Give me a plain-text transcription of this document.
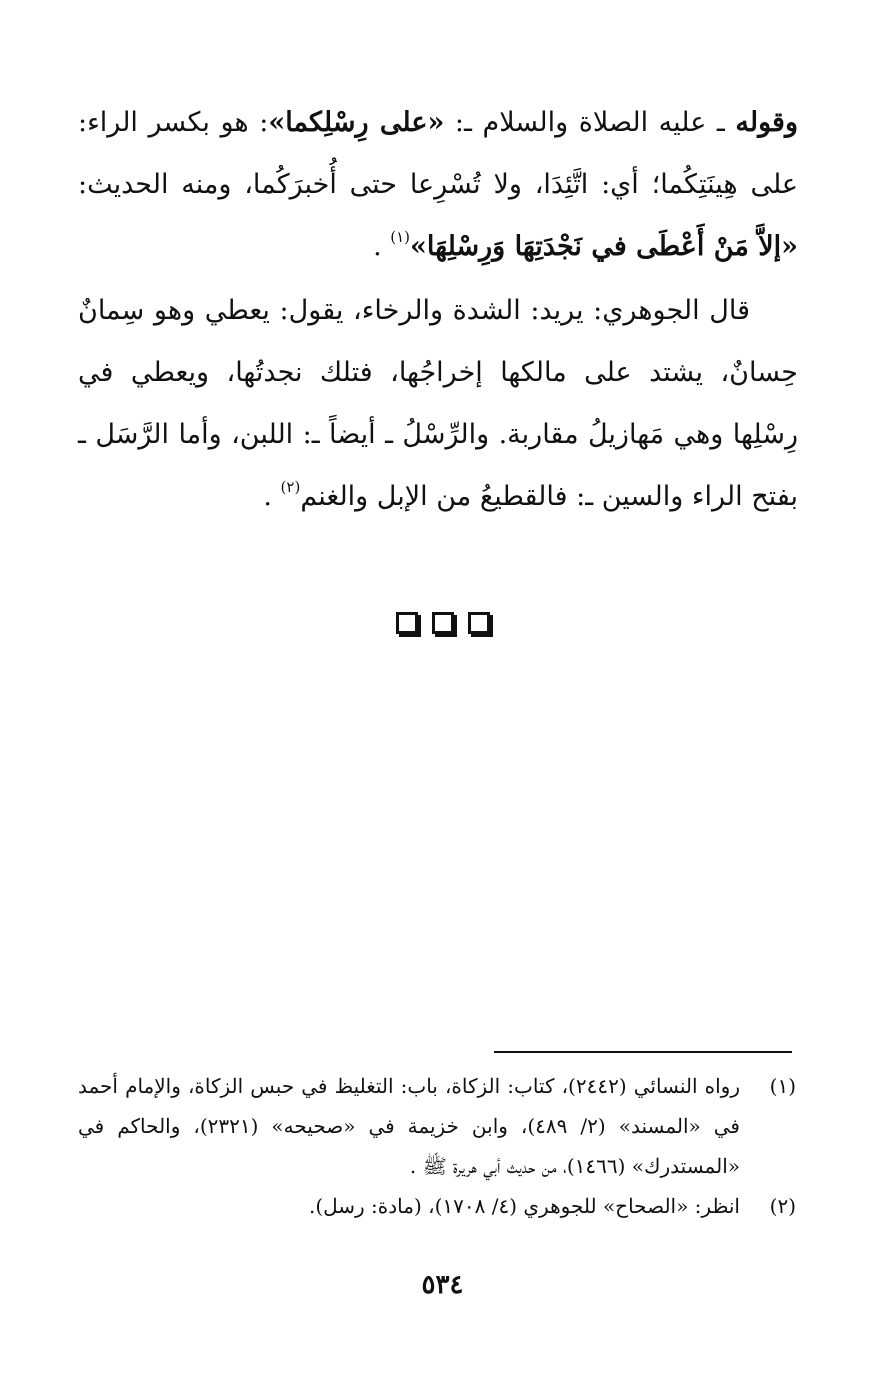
وقوله ـ عليه الصلاة والسلام ـ: «على رِسْلِكما»: هو بكسر الراء: على هِينَتِكُما؛ أي: اتَّئِدَا، ولا تُسْرِعا حتى أُخبرَكُما، ومنه الحديث: «إلاَّ مَنْ أَعْطَى في نَجْدَتِهَا وَرِسْلِهَا»$^{(١)}$ .

قال الجوهري: يريد: الشدة والرخاء، يقول: يعطي وهو سِمانٌ حِسانٌ، يشتد على مالكها إخراجُها، فتلك نجدتُها، ويعطي في رِسْلِها وهي مَهازيلُ مقاربة. والرِّسْلُ ـ أيضاً ـ: اللبن، وأما الرَّسَل ـ بفتح الراء والسين ـ: فالقطيعُ من الإبل والغنم$^{(٢)}$ .

(١)
رواه النسائي (٢٤٤٢)، كتاب: الزكاة، باب: التغليظ في حبس الزكاة، والإمام أحمد في «المسند» (٢/ ٤٨٩)، وابن خزيمة في «صحيحه» (٢٣٢١)، والحاكم في «المستدرك» (١٤٦٦)، من حديث أبي هريرة ﷺ .
(٢)
انظر: «الصحاح» للجوهري (٤/ ١٧٠٨)، (مادة: رسل).
٥٣٤
